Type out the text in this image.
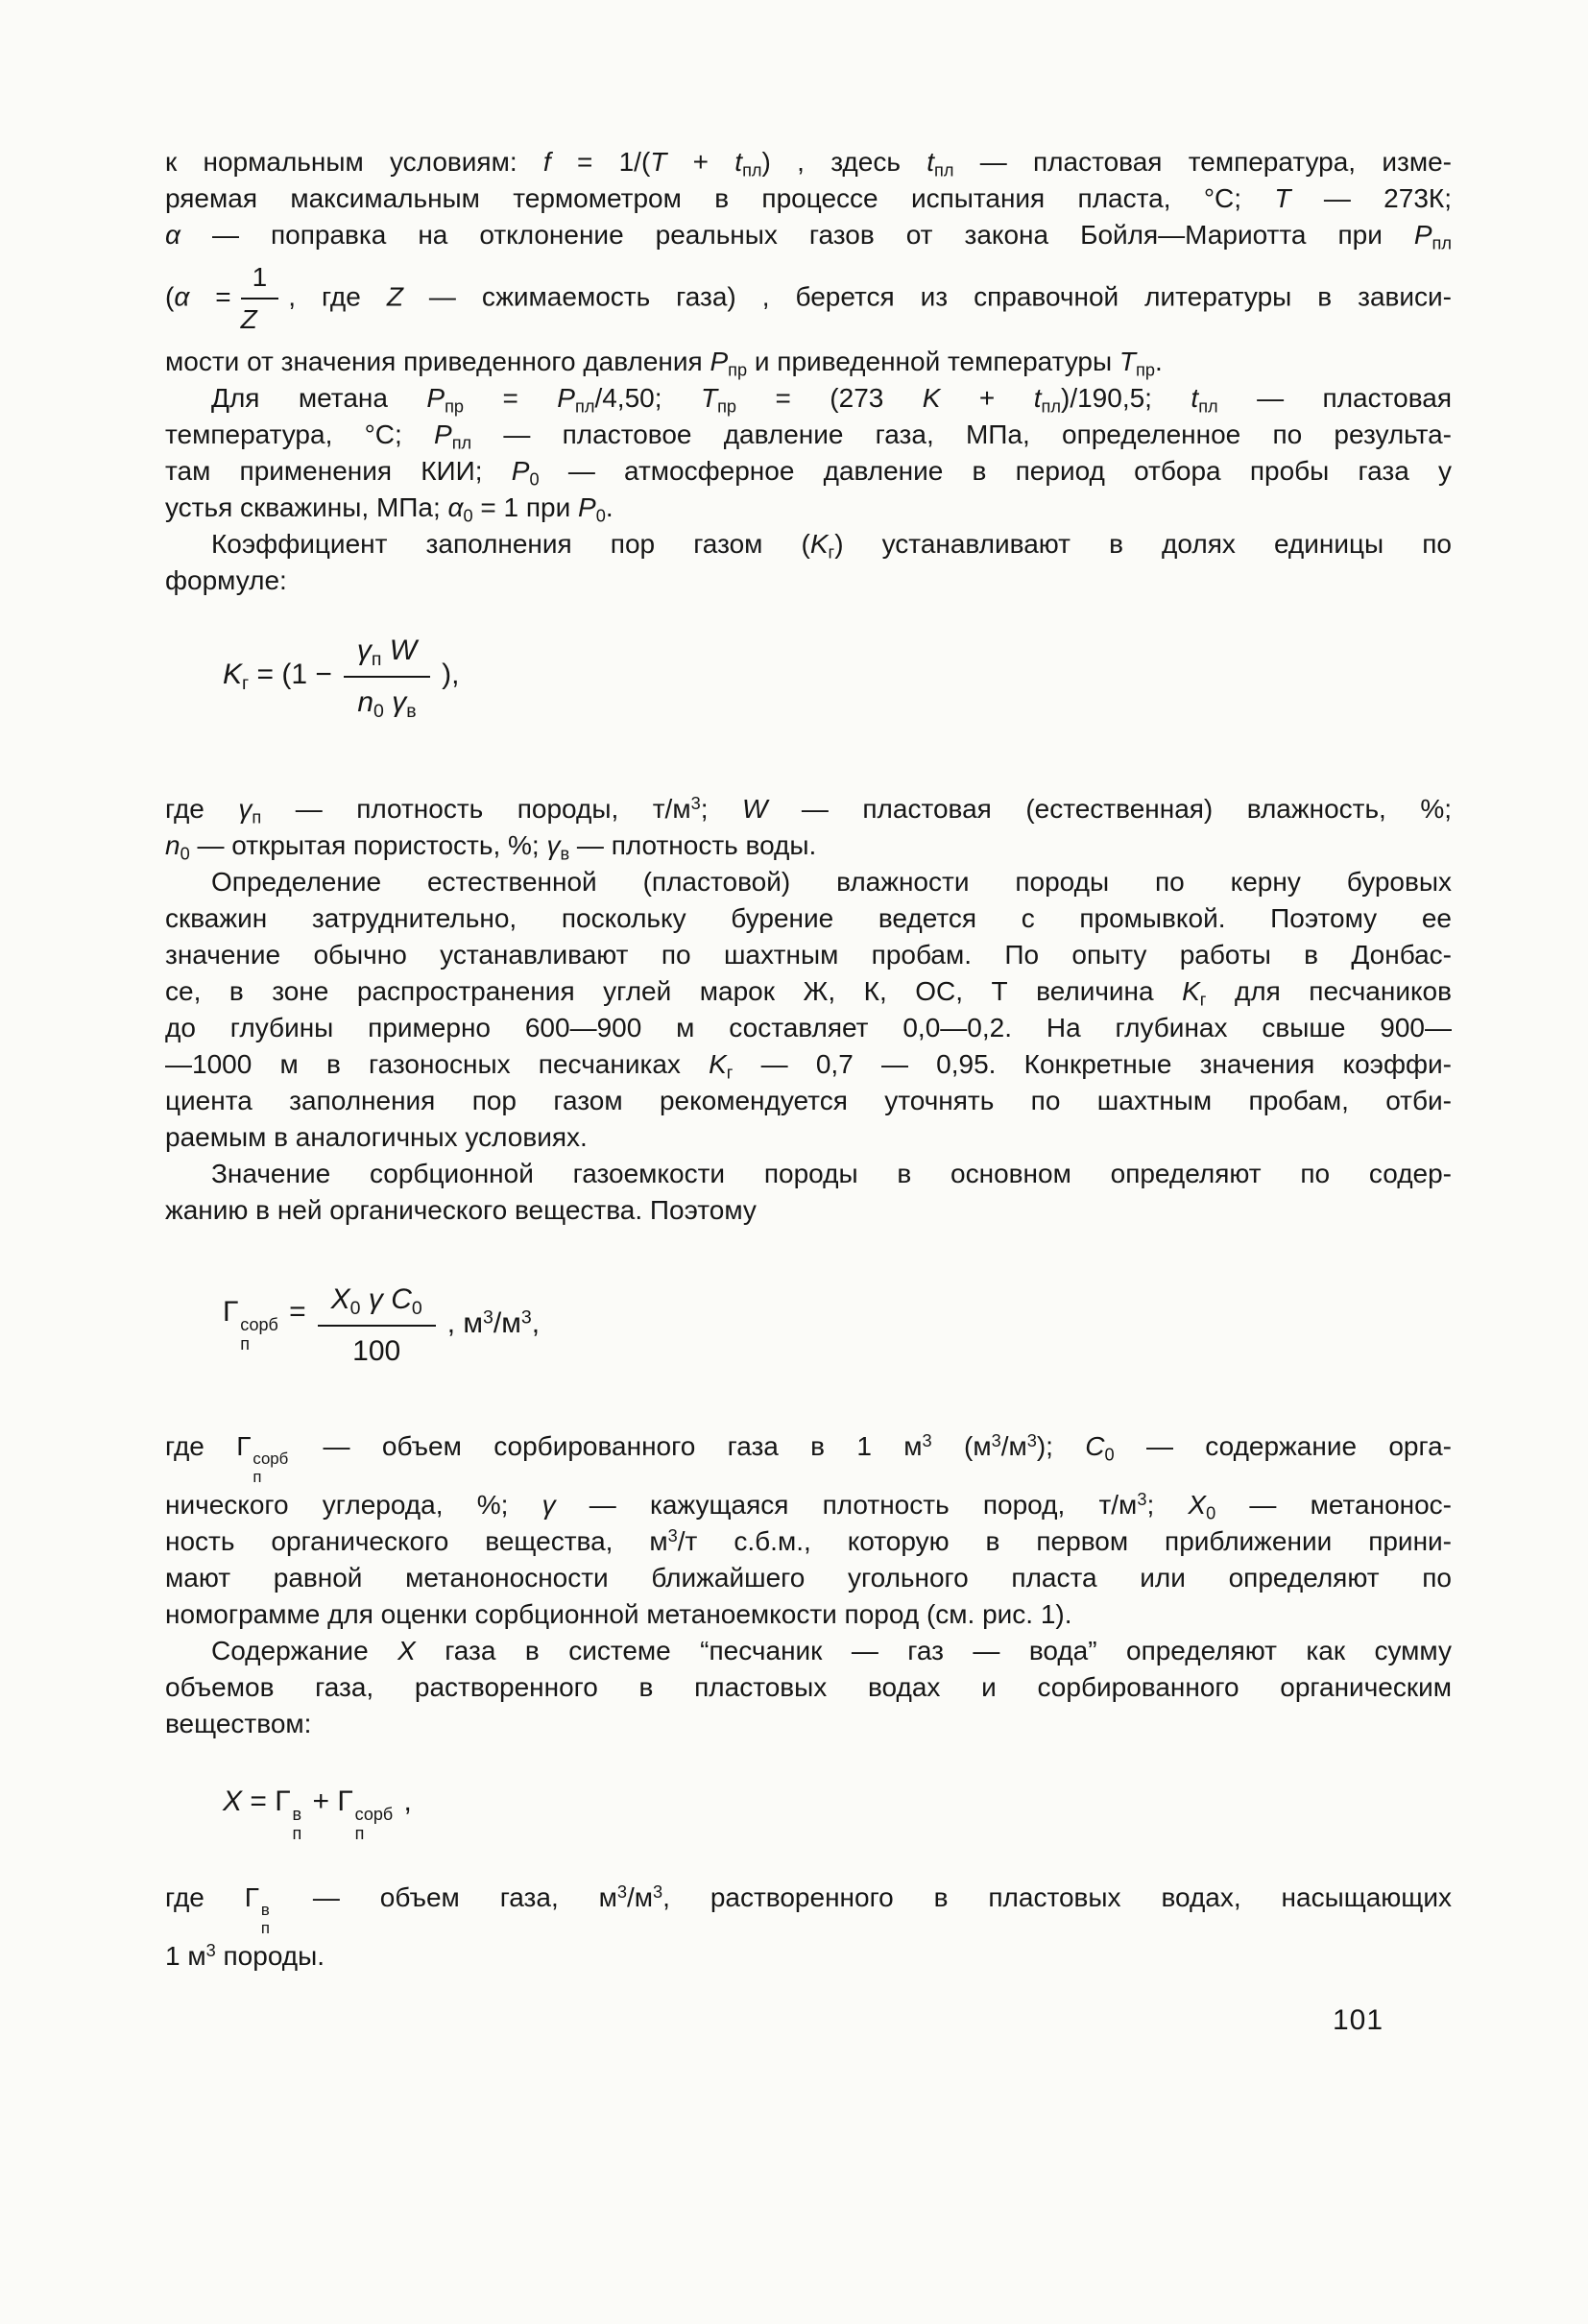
к нормальным условиям: $f = 1/(T + t_{пл})$ , здесь $t_{пл}$ — пластовая температура, изме-
ряемая максимальным термометром в процессе испытания пласта, °С; T — 273К;
α — поправка на отклонение реальных газов от закона Бойля—Мариотта при $P_{пл}$
($\alpha = \frac{1}{Z}$ , где Z — сжимаемость газа) , берется из справочной литературы в зависи-
мости от значения приведенного давления $P_{пр}$ и приведенной температуры $T_{пр}$.
Для метана $P_{пр} = P_{пл}/4,50$; $T_{пр} = (273$ $K + t_{пл})/190,5$; $t_{пл}$ — пластовая
температура, °С; $P_{пл}$ — пластовое давление газа, МПа, определенное по результа-
там применения КИИ; $P_0$ — атмосферное давление в период отбора пробы газа у
устья скважины, МПа; $\alpha_0 = 1$ при $P_0$.
Коэффициент заполнения пор газом $(K_г)$ устанавливают в долях единицы по
формуле:
$K_г = (1$ −
$\gamma_п$ W
$n_0$ $\gamma_в$
),
где $\gamma_п$ — плотность породы, $т/м^3$; W — пластовая (естественная) влажность, %;
$n_0$ — открытая пористость, %; $\gamma_в$ — плотность воды.
Определение естественной (пластовой) влажности породы по керну буровых
скважин затруднительно, поскольку бурение ведется с промывкой. Поэтому ее
значение обычно устанавливают по шахтным пробам. По опыту работы в Донбас-
се, в зоне распространения углей марок Ж, К, ОС, Т величина $K_г$ для песчаников
до глубины примерно 600—900 м составляет 0,0—0,2. На глубинах свыше 900—
—1000 м в газоносных песчаниках $K_г$ — 0,7 — 0,95. Конкретные значения коэффи-
циента заполнения пор газом рекомендуется уточнять по шахтным пробам, отби-
раемым в аналогичных условиях.
Значение сорбционной газоемкости породы в основном определяют по содер-
жанию в ней органического вещества. Поэтому
Г сорб
п
= $\frac{X_0 \gamma C_0}{100}$ , $м^3/м^3$,
где Г сорб
п
— объем сорбированного газа в 1 $м^3$ $(м^3/м^3)$; $C_0$ — содержание орга-
нического углерода, %; γ — кажущаяся плотность пород, $т/м^3$; $X_0$ — метанонос-
ность органического вещества, $м^3/т$ с.б.м., которую в первом приближении прини-
мают равной метаноносности ближайшего угольного пласта или определяют по
номограмме для оценки сорбционной метаноемкости пород (см. рис. 1).
Содержание X газа в системе “песчаник — газ — вода” определяют как сумму
объемов газа, растворенного в пластовых водах и сорбированного органическим
веществом:
X = Г в
п
+ Г сорб
п
,
где Г в
п
— объем газа, $м^3/м^3$, растворенного в пластовых водах, насыщающих
1 $м^3$ породы.
101
